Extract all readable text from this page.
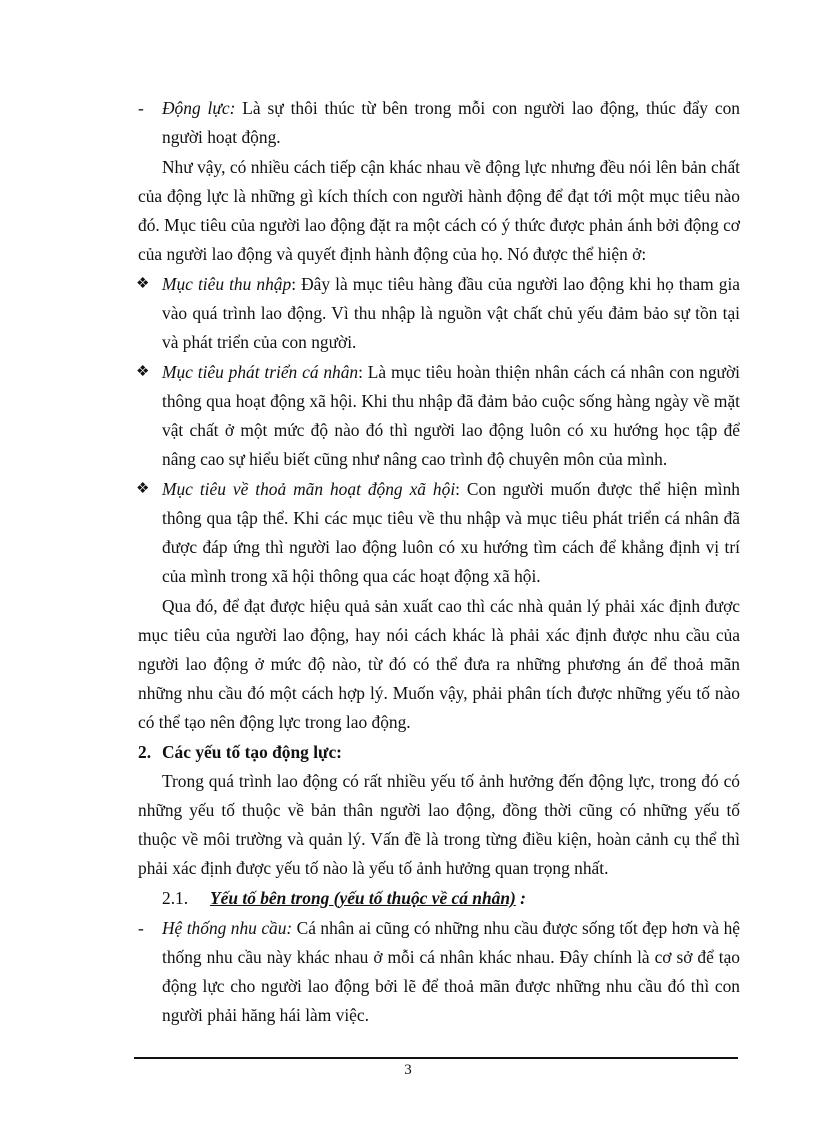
- Động lực: Là sự thôi thúc từ bên trong mỗi con người lao động, thúc đẩy con người hoạt động.

Như vậy, có nhiều cách tiếp cận khác nhau về động lực nhưng đều nói lên bản chất của động lực là những gì kích thích con người hành động để đạt tới một mục tiêu nào đó. Mục tiêu của người lao động đặt ra một cách có ý thức được phản ánh bởi động cơ của người lao động và quyết định hành động của họ. Nó được thể hiện ở:

❖ Mục tiêu thu nhập: Đây là mục tiêu hàng đầu của người lao động khi họ tham gia vào quá trình lao động. Vì thu nhập là nguồn vật chất chủ yếu đảm bảo sự tồn tại và phát triển của con người.

❖ Mục tiêu phát triển cá nhân: Là mục tiêu hoàn thiện nhân cách cá nhân con người thông qua hoạt động xã hội. Khi thu nhập đã đảm bảo cuộc sống hàng ngày về mặt vật chất ở một mức độ nào đó thì người lao động luôn có xu hướng học tập để nâng cao sự hiểu biết cũng như nâng cao trình độ chuyên môn của mình.

❖ Mục tiêu về thoả mãn hoạt động xã hội: Con người muốn được thể hiện mình thông qua tập thể. Khi các mục tiêu về thu nhập và mục tiêu phát triển cá nhân đã được đáp ứng thì người lao động luôn có xu hướng tìm cách để khẳng định vị trí của mình trong xã hội thông qua các hoạt động xã hội.

Qua đó, để đạt được hiệu quả sản xuất cao thì các nhà quản lý phải xác định được mục tiêu của người lao động, hay nói cách khác là phải xác định được nhu cầu của người lao động ở mức độ nào, từ đó có thể đưa ra những phương án để thoả mãn những nhu cầu đó một cách hợp lý. Muốn vậy, phải phân tích được những yếu tố nào có thể tạo nên động lực trong lao động.

2. Các yếu tố tạo động lực:

Trong quá trình lao động có rất nhiều yếu tố ảnh hưởng đến động lực, trong đó có những yếu tố thuộc về bản thân người lao động, đồng thời cũng có những yếu tố thuộc về môi trường và quản lý. Vấn đề là trong từng điều kiện, hoàn cảnh cụ thể thì phải xác định được yếu tố nào là yếu tố ảnh hưởng quan trọng nhất.

2.1. Yếu tố bên trong (yếu tố thuộc về cá nhân) :

- Hệ thống nhu cầu: Cá nhân ai cũng có những nhu cầu được sống tốt đẹp hơn và hệ thống nhu cầu này khác nhau ở mỗi cá nhân khác nhau. Đây chính là cơ sở để tạo động lực cho người lao động bởi lẽ để thoả mãn được những nhu cầu đó thì con người phải hăng hái làm việc.

3
